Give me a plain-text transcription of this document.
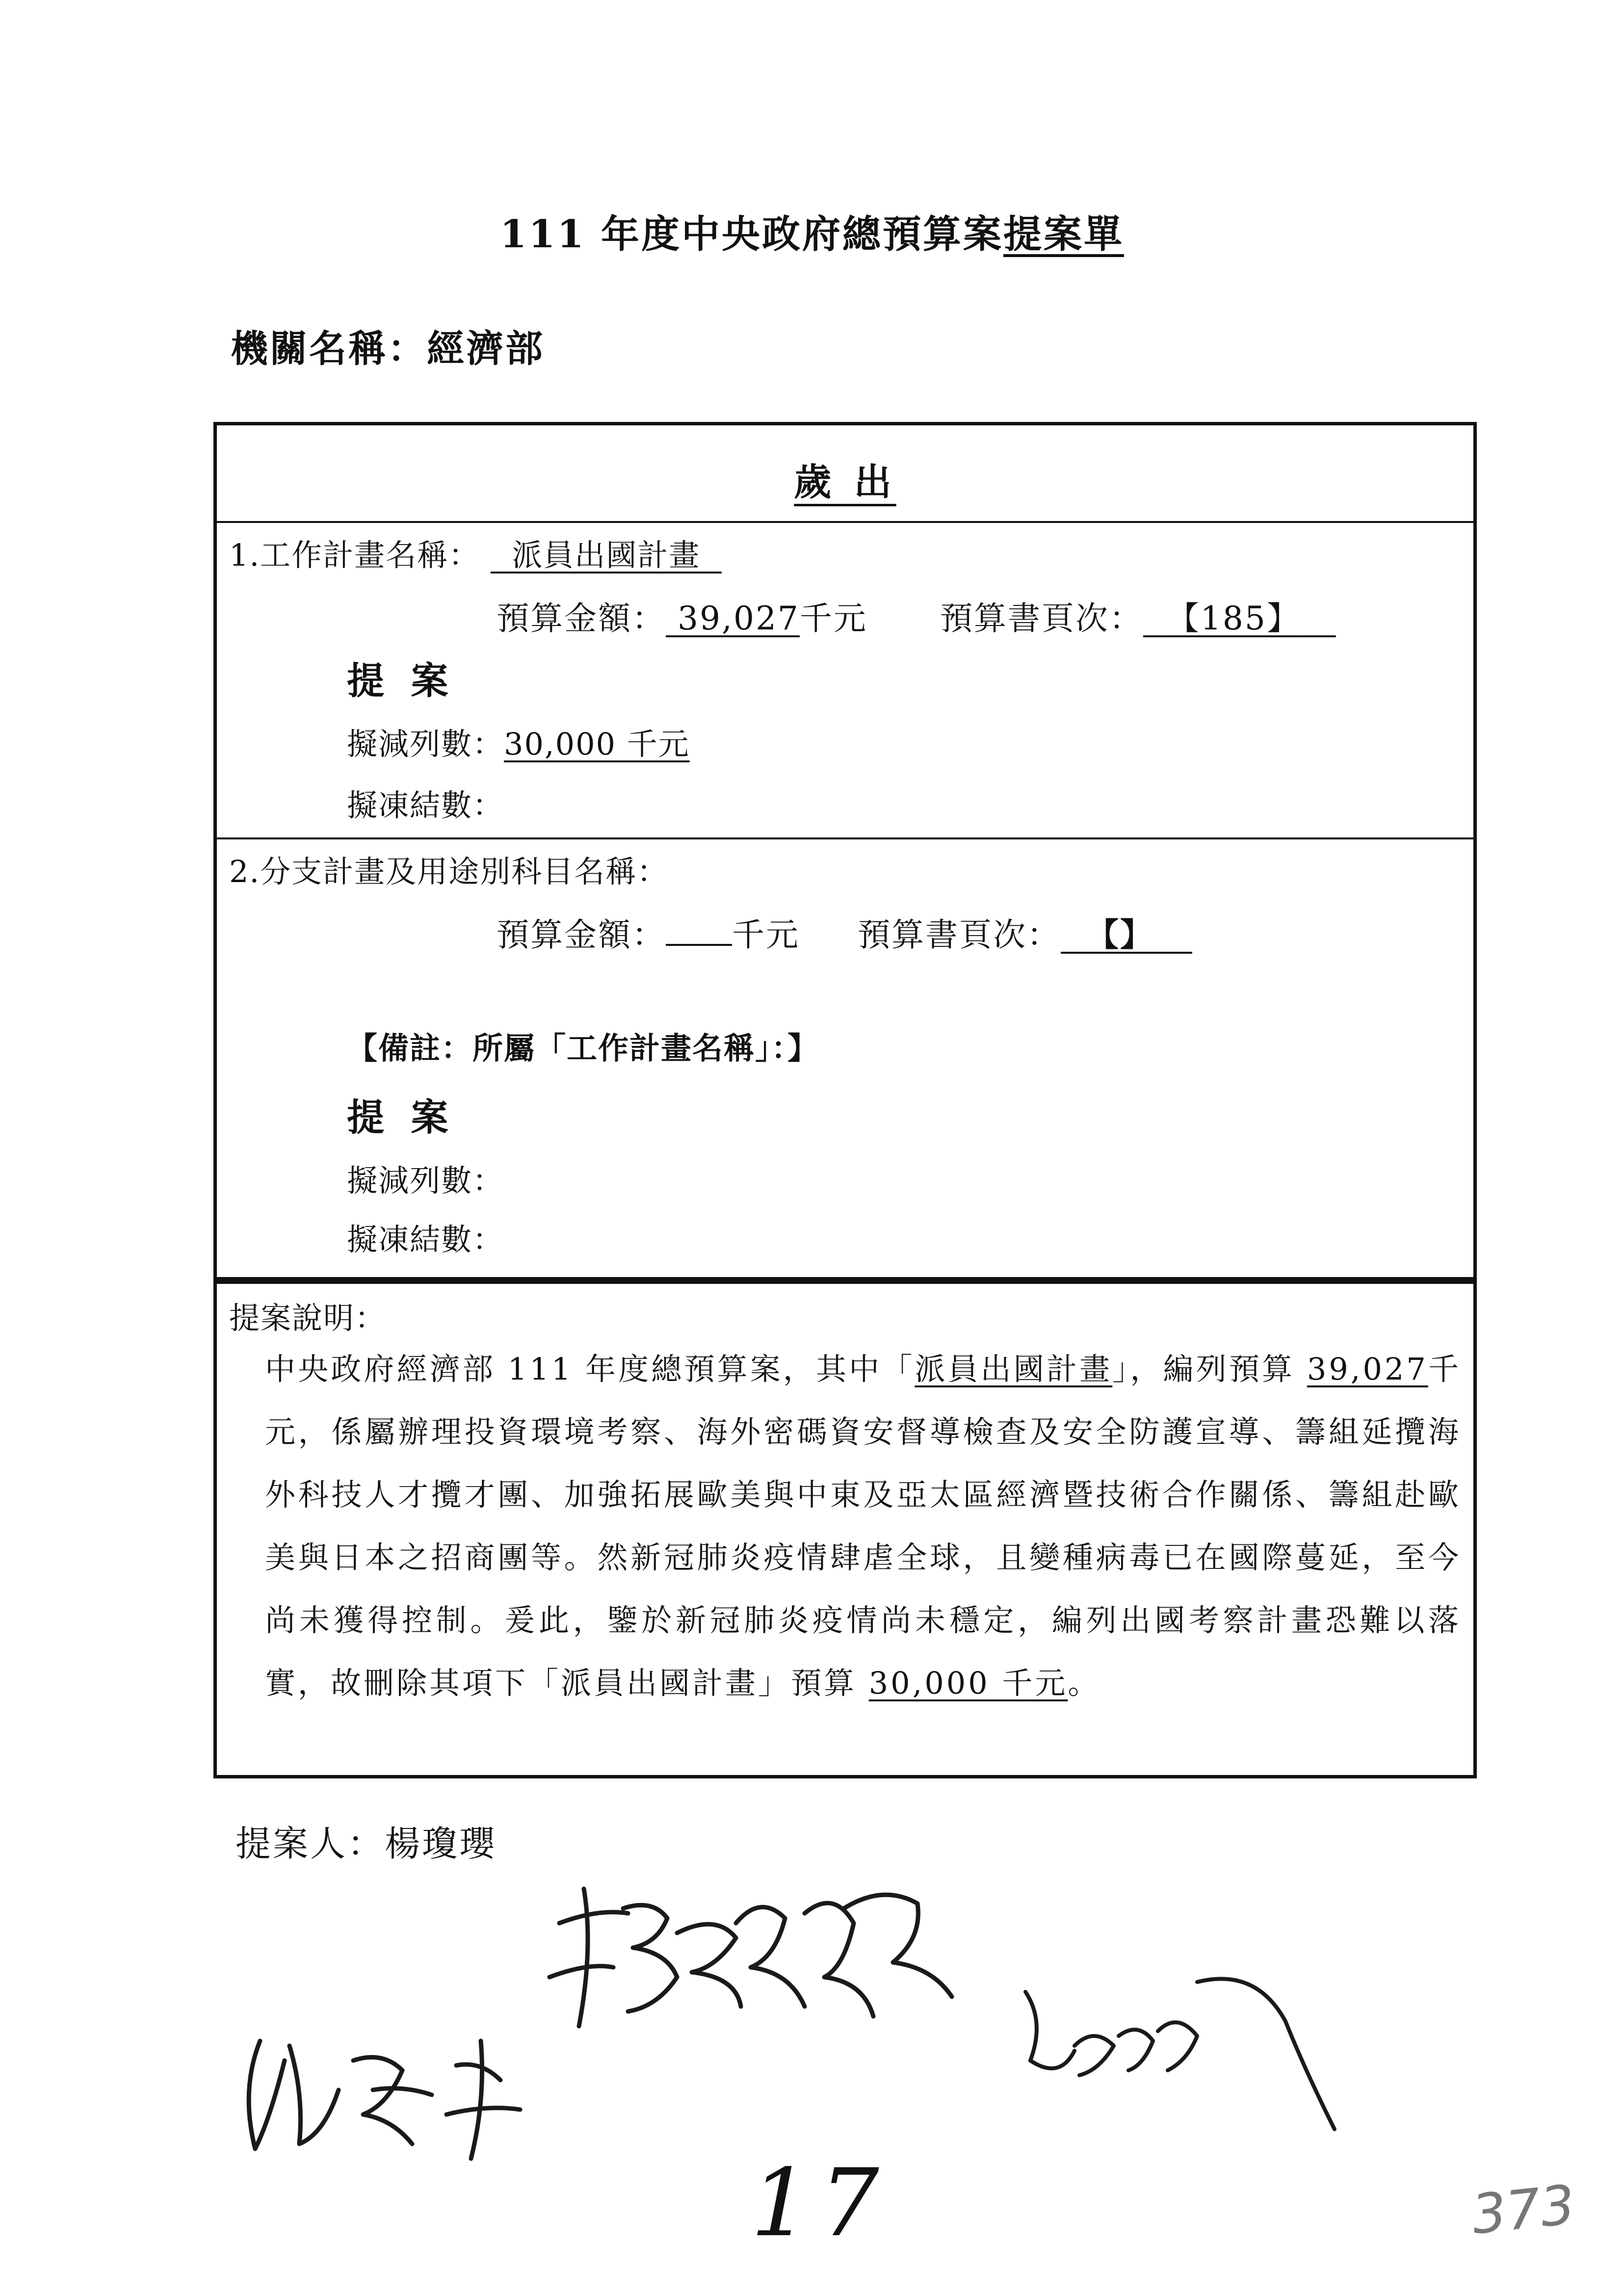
111 年度中央政府總預算案提案單
機關名稱：經濟部
歲 出
1.工作計畫名稱： 派員出國計畫
預算金額： 39,027千元 預算書頁次： 【185】
提 案
擬減列數：30,000 千元
擬凍結數：
2.分支計畫及用途別科目名稱：
預算金額： 千元 預算書頁次： 【】
【備註：所屬「工作計畫名稱」：】
提 案
擬減列數：
擬凍結數：
提案說明：
中央政府經濟部 111 年度總預算案，其中「派員出國計畫」，編列預算 39,027千元，係屬辦理投資環境考察、海外密碼資安督導檢查及安全防護宣導、籌組延攬海外科技人才攬才團、加強拓展歐美與中東及亞太區經濟暨技術合作關係、籌組赴歐美與日本之招商團等。然新冠肺炎疫情肆虐全球，且變種病毒已在國際蔓延，至今尚未獲得控制。爰此，鑒於新冠肺炎疫情尚未穩定，編列出國考察計畫恐難以落實，故刪除其項下「派員出國計畫」預算 30,000 千元。
提案人：楊瓊瓔
17	373
